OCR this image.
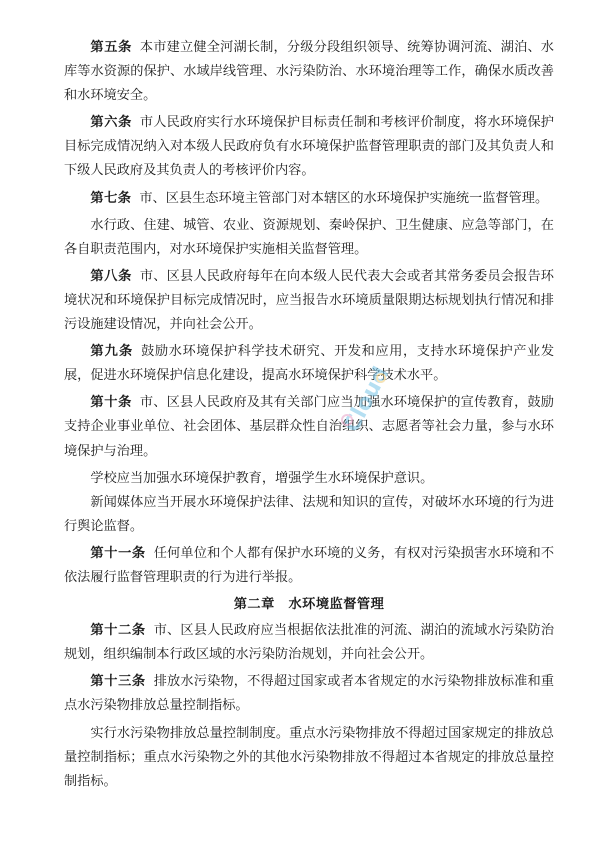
第五条 本市建立健全河湖长制，分级分段组织领导、统筹协调河流、湖泊、水库等水资源的保护、水域岸线管理、水污染防治、水环境治理等工作，确保水质改善和水环境安全。

第六条 市人民政府实行水环境保护目标责任制和考核评价制度，将水环境保护目标完成情况纳入对本级人民政府负有水环境保护监督管理职责的部门及其负责人和下级人民政府及其负责人的考核评价内容。

第七条 市、区县生态环境主管部门对本辖区的水环境保护实施统一监督管理。

水行政、住建、城管、农业、资源规划、秦岭保护、卫生健康、应急等部门，在各自职责范围内，对水环境保护实施相关监督管理。

第八条 市、区县人民政府每年在向本级人民代表大会或者其常务委员会报告环境状况和环境保护目标完成情况时，应当报告水环境质量限期达标规划执行情况和排污设施建设情况，并向社会公开。

第九条 鼓励水环境保护科学技术研究、开发和应用，支持水环境保护产业发展，促进水环境保护信息化建设，提高水环境保护科学技术水平。

第十条 市、区县人民政府及其有关部门应当加强水环境保护的宣传教育，鼓励支持企业事业单位、社会团体、基层群众性自治组织、志愿者等社会力量，参与水环境保护与治理。

学校应当加强水环境保护教育，增强学生水环境保护意识。

新闻媒体应当开展水环境保护法律、法规和知识的宣传，对破坏水环境的行为进行舆论监督。

第十一条 任何单位和个人都有保护水环境的义务，有权对污染损害水环境和不依法履行监督管理职责的行为进行举报。

第二章　水环境监督管理

第十二条 市、区县人民政府应当根据依法批准的河流、湖泊的流域水污染防治规划，组织编制本行政区域的水污染防治规划，并向社会公开。

第十三条 排放水污染物，不得超过国家或者本省规定的水污染物排放标准和重点水污染物排放总量控制指标。

实行水污染物排放总量控制制度。重点水污染物排放不得超过国家规定的排放总量控制指标；重点水污染物之外的其他水污染物排放不得超过本省规定的排放总量控制指标。

Cloud
